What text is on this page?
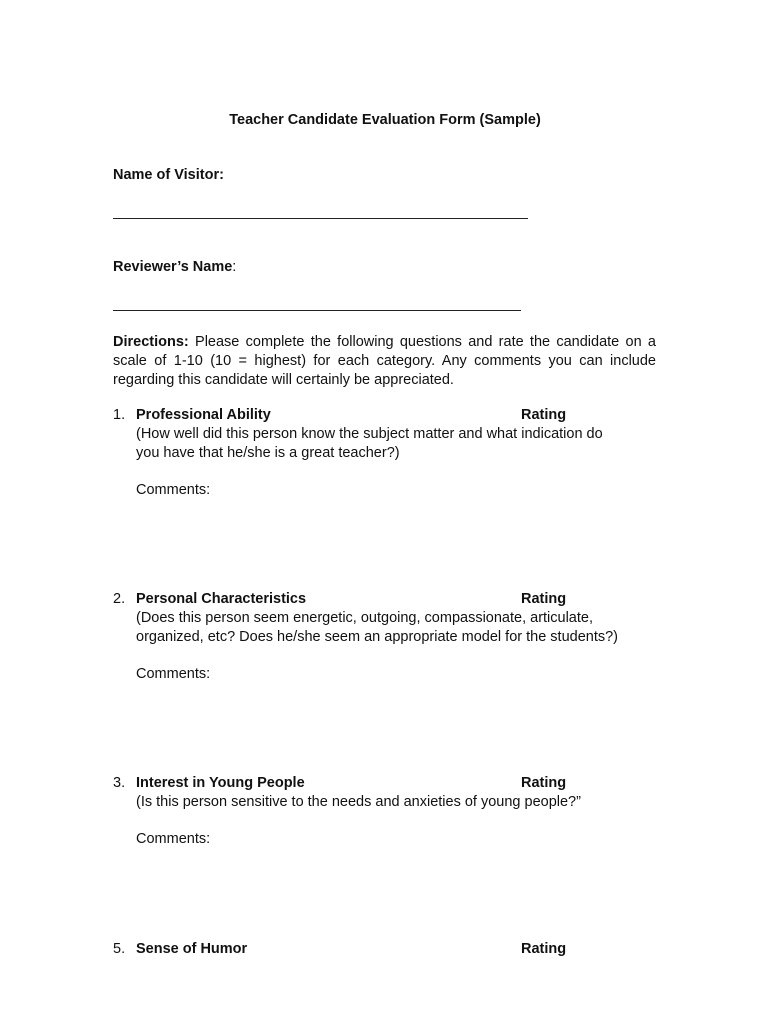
Teacher Candidate Evaluation Form (Sample)
Name of Visitor:
Reviewer’s Name:
Directions: Please complete the following questions and rate the candidate on a scale of 1-10 (10 = highest) for each category. Any comments you can include regarding this candidate will certainly be appreciated.
1. Professional Ability	Rating
(How well did this person know the subject matter and what indication do
you have that he/she is a great teacher?)
Comments:
2. Personal Characteristics	Rating
(Does this person seem energetic, outgoing, compassionate, articulate,
organized, etc? Does he/she seem an appropriate model for the students?)
Comments:
3. Interest in Young People	Rating
(Is this person sensitive to the needs and anxieties of young people?”
Comments:
5. Sense of Humor	Rating
